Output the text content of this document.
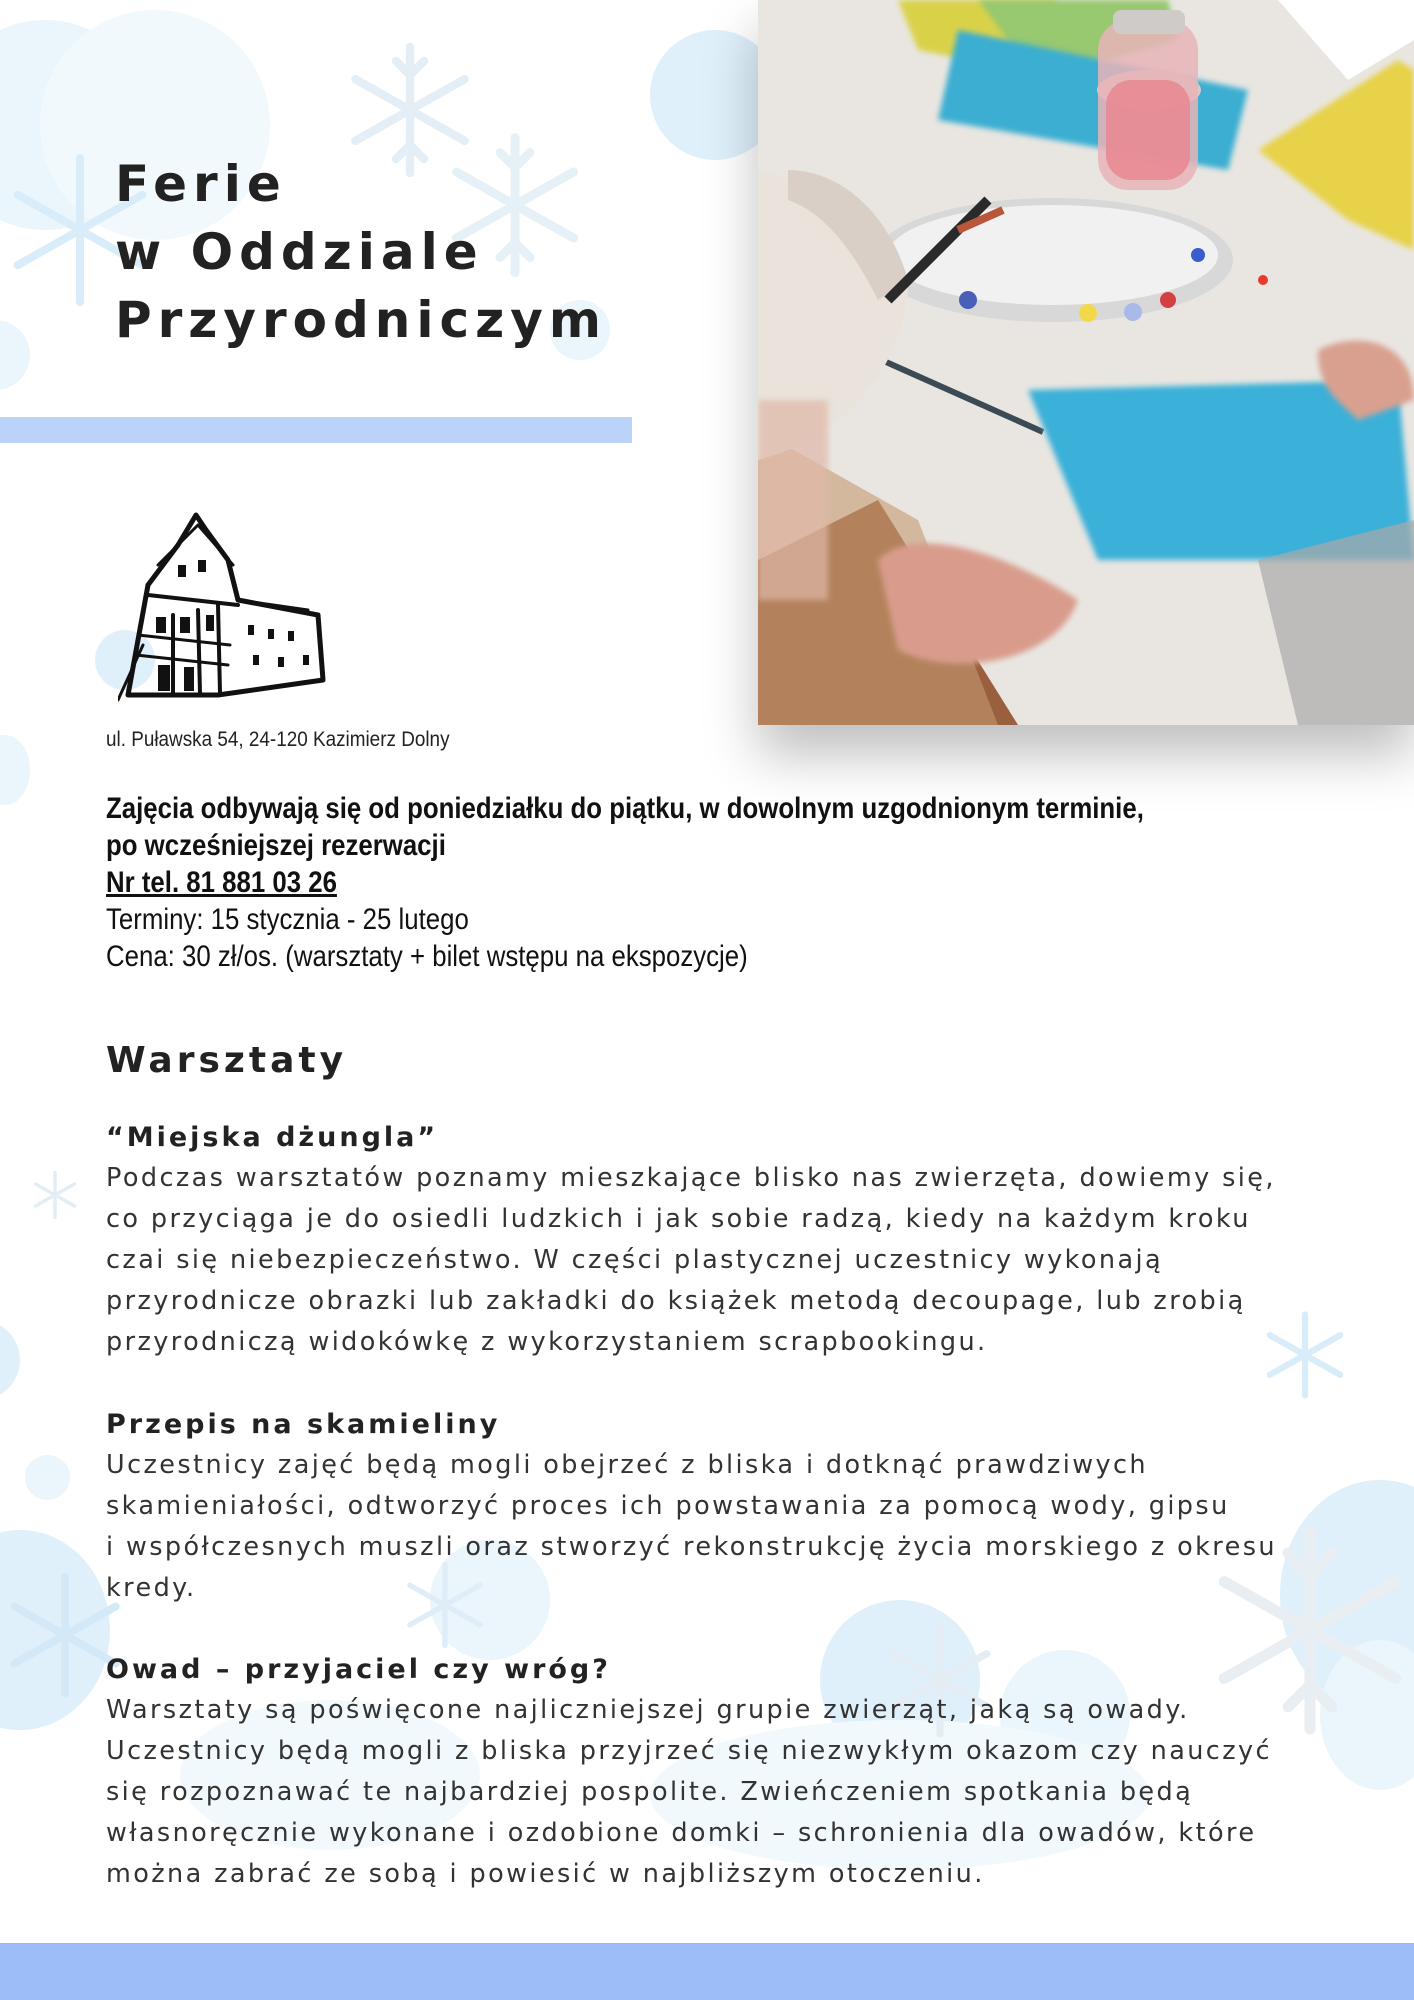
Ferie
w Oddziale
Przyrodniczym
ul. Puławska 54, 24-120 Kazimierz Dolny
Zajęcia odbywają się od poniedziałku do piątku, w dowolnym uzgodnionym terminie,
po wcześniejszej rezerwacji
Nr tel. 81 881 03 26
Terminy: 15 stycznia - 25 lutego
Cena: 30 zł/os. (warsztaty + bilet wstępu na ekspozycje)
Warsztaty
“Miejska dżungla”

Podczas warsztatów poznamy mieszkające blisko nas zwierzęta, dowiemy się,

co przyciąga je do osiedli ludzkich i jak sobie radzą, kiedy na każdym kroku

czai się niebezpieczeństwo. W części plastycznej uczestnicy wykonają

przyrodnicze obrazki lub zakładki do książek metodą decoupage, lub zrobią

przyrodniczą widokówkę z wykorzystaniem scrapbookingu.

Przepis na skamieliny

Uczestnicy zajęć będą mogli obejrzeć z bliska i dotknąć prawdziwych

skamieniałości, odtworzyć proces ich powstawania za pomocą wody, gipsu

i współczesnych muszli oraz stworzyć rekonstrukcję życia morskiego z okresu

kredy.

Owad – przyjaciel czy wróg?

Warsztaty są poświęcone najliczniejszej grupie zwierząt, jaką są owady.

Uczestnicy będą mogli z bliska przyjrzeć się niezwykłym okazom czy nauczyć

się rozpoznawać te najbardziej pospolite. Zwieńczeniem spotkania będą

własnoręcznie wykonane i ozdobione domki – schronienia dla owadów, które

można zabrać ze sobą i powiesić w najbliższym otoczeniu.
